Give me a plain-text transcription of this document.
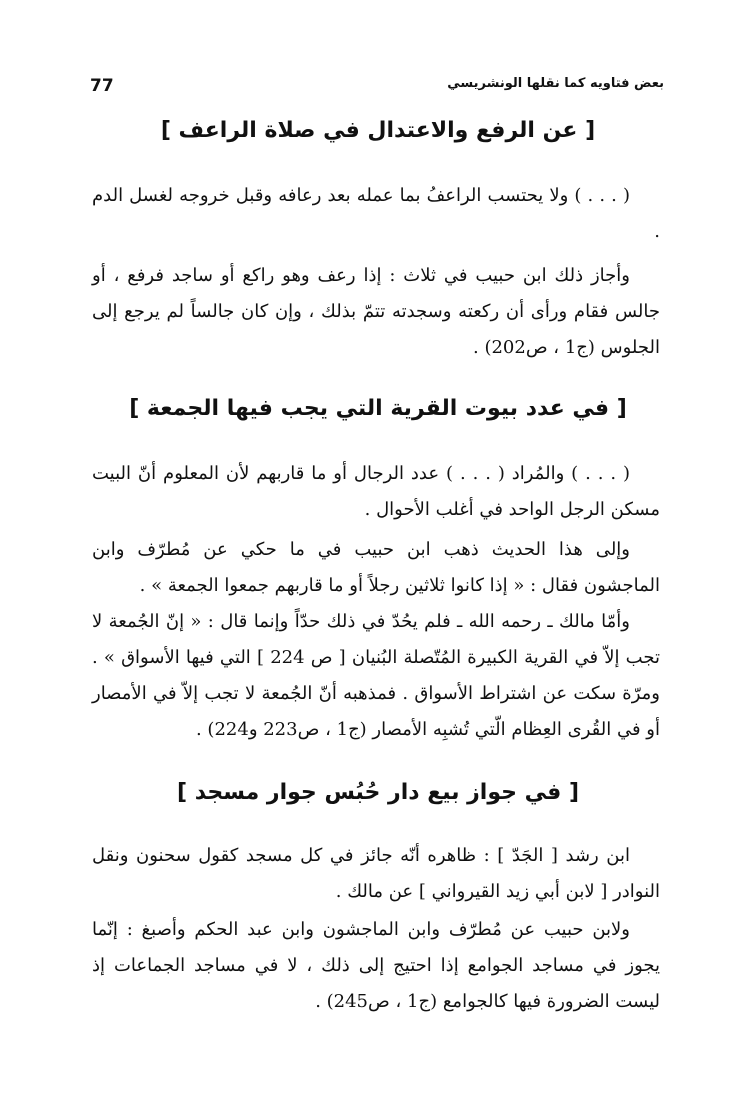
بعض فتاويه كما نقلها الونشريسي
77
[ عن الرفع والاعتدال في صلاة الراعف ]
( . . . ) ولا يحتسب الراعفُ بما عمله بعد رعافه وقبل خروجه لغسل الدم .
وأجاز ذلك ابن حبيب في ثلاث : إذا رعف وهو راكع أو ساجد فرفع ، أو جالس فقام ورأى أن ركعته وسجدته تتمّ بذلك ، وإن كان جالساً لم يرجع إلى الجلوس (ج1 ، ص202) .
[ في عدد بيوت القرية التي يجب فيها الجمعة ]
( . . . ) والمُراد ( . . . ) عدد الرجال أو ما قاربهم لأن المعلوم أنّ البيت مسكن الرجل الواحد في أغلب الأحوال .
وإلى هذا الحديث ذهب ابن حبيب في ما حكي عن مُطرّف وابن الماجشون فقال : « إذا كانوا ثلاثين رجلاً أو ما قاربهم جمعوا الجمعة » .
وأمّا مالك ـ رحمه الله ـ فلم يحُدّ في ذلك حدّاً وإنما قال : « إنّ الجُمعة لا تجب إلاّ في القرية الكبيرة المُتّصلة البُنيان [ ص 224 ] التي فيها الأسواق » . ومرّة سكت عن اشتراط الأسواق . فمذهبه أنّ الجُمعة لا تجب إلاّ في الأمصار أو في القُرى العِظام الّتي تُشبِه الأمصار (ج1 ، ص223 و224) .
[ في جواز بيع دار حُبُس جوار مسجد ]
ابن رشد [ الجَدّ ] : ظاهره أنّه جائز في كل مسجد كقول سحنون ونقل النوادر [ لابن أبي زيد القيرواني ] عن مالك .
ولابن حبيب عن مُطرّف وابن الماجشون وابن عبد الحكم وأصبغ : إنّما يجوز في مساجد الجوامع إذا احتيج إلى ذلك ، لا في مساجد الجماعات إذ ليست الضرورة فيها كالجوامع (ج1 ، ص245) .
